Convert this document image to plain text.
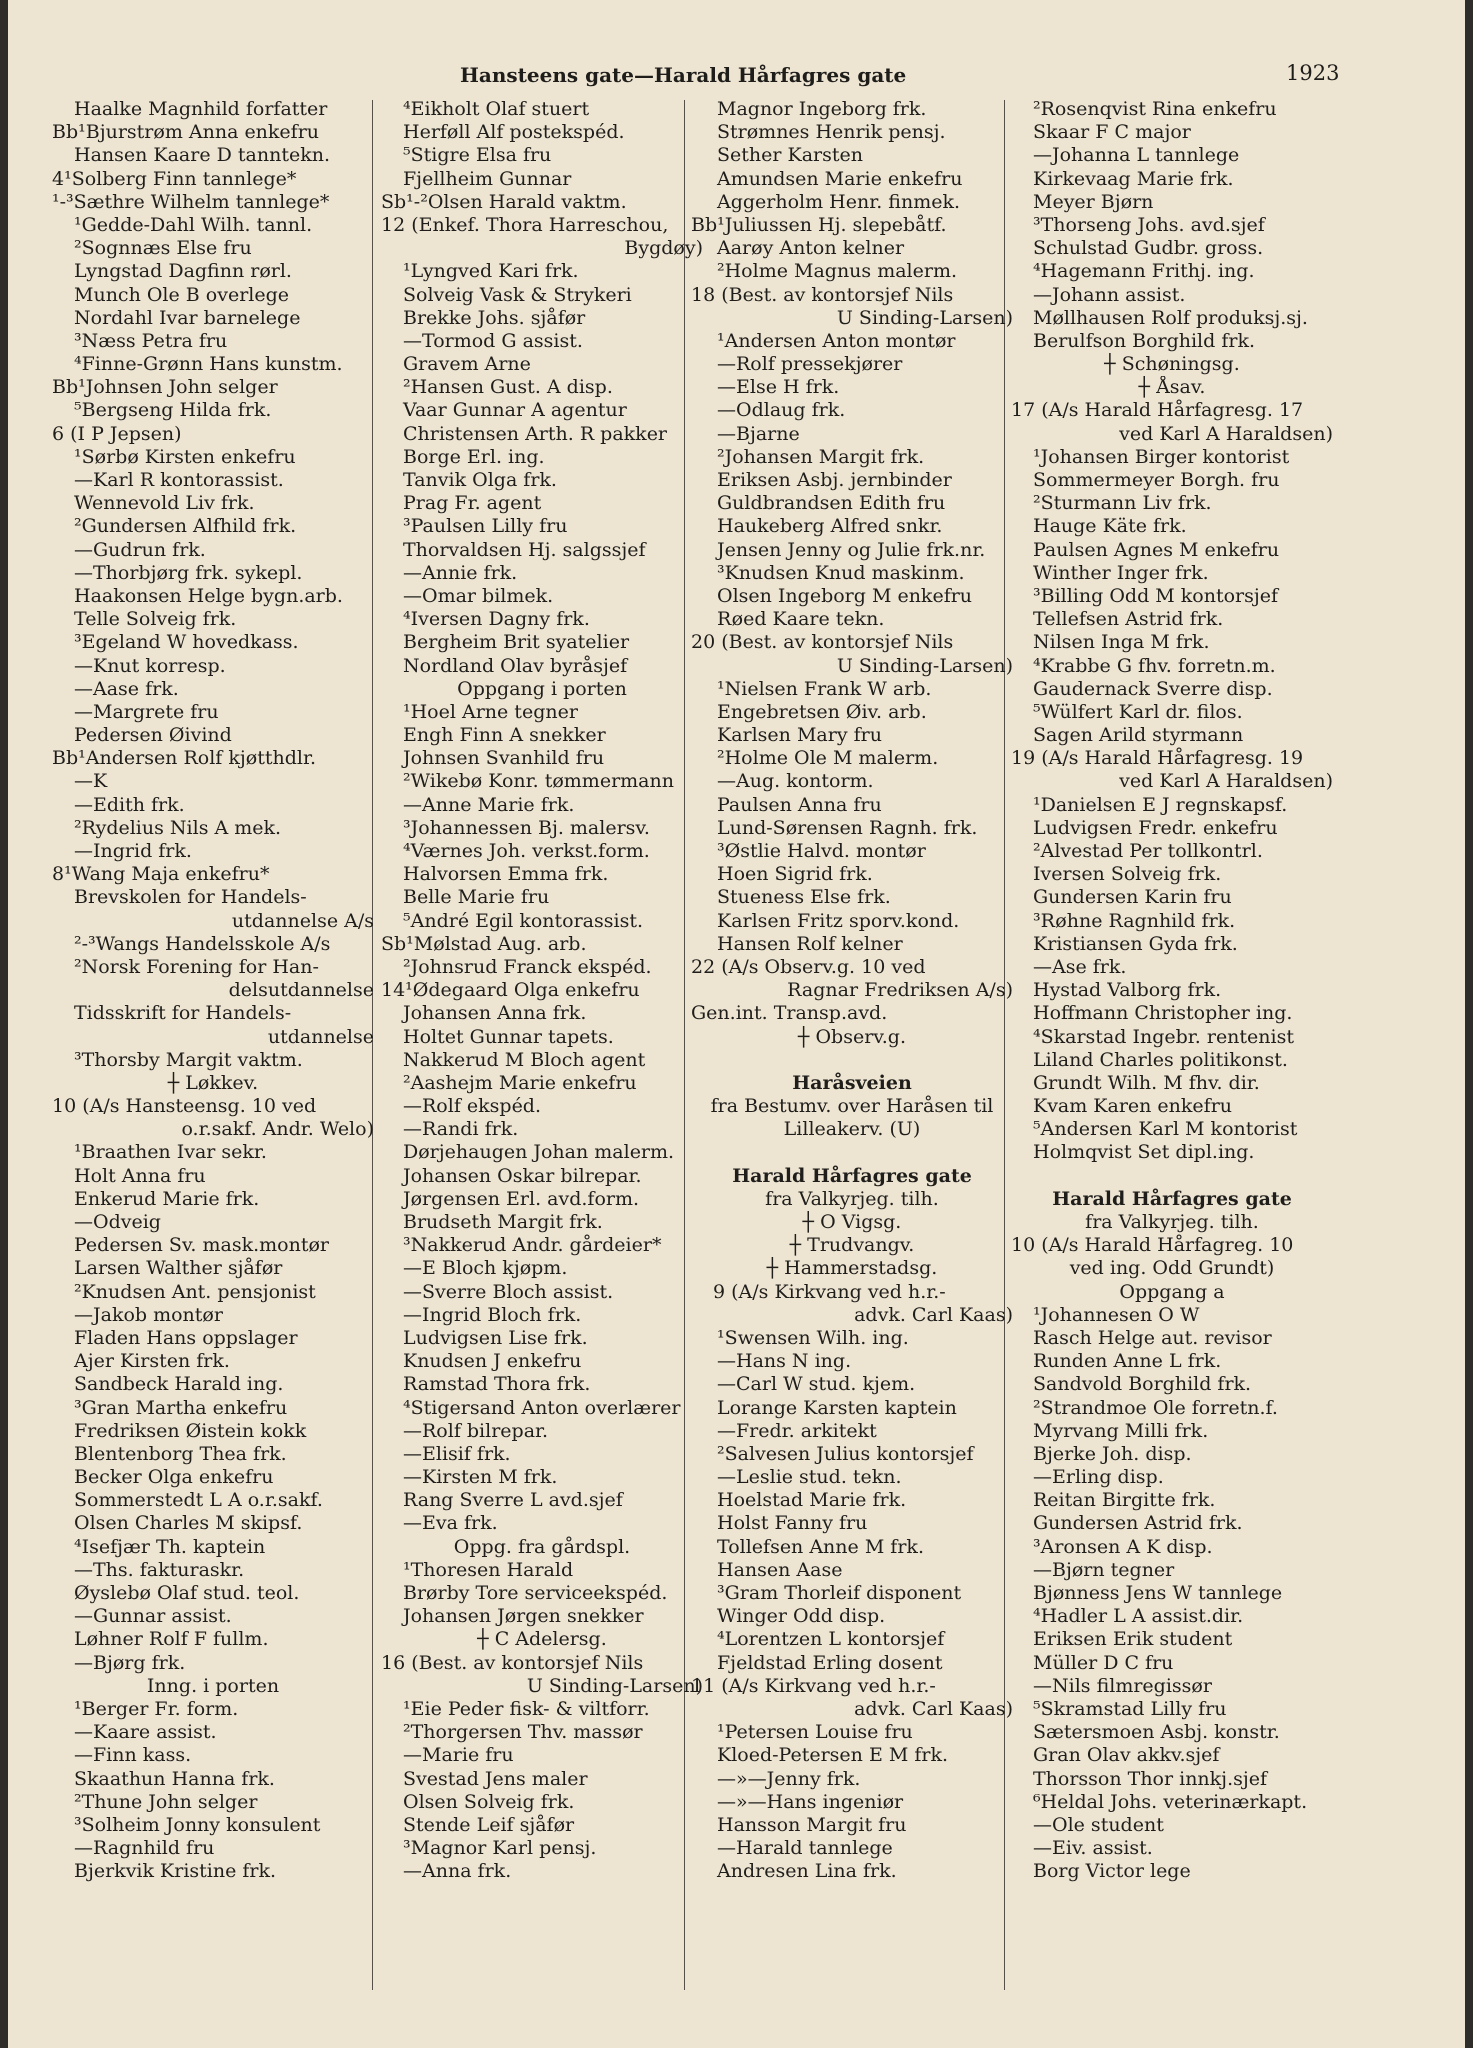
Hansteens gate—Harald Hårfagres gate	1923
Haalke Magnhild forfatter
Bb¹Bjurstrøm Anna enkefru
Hansen Kaare D tanntekn.
4¹Solberg Finn tannlege*
¹-³Sæthre Wilhelm tannlege*
¹Gedde-Dahl Wilh. tannl.
²Sognnæs Else fru
Lyngstad Dagfinn rørl.
Munch Ole B overlege
Nordahl Ivar barnelege
³Næss Petra fru
⁴Finne-Grønn Hans kunstm.
Bb¹Johnsen John selger
⁵Bergseng Hilda frk.
6 (I P Jepsen)
¹Sørbø Kirsten enkefru
—Karl R kontorassist.
Wennevold Liv frk.
²Gundersen Alfhild frk.
—Gudrun frk.
—Thorbjørg frk. sykepl.
Haakonsen Helge bygn.arb.
Telle Solveig frk.
³Egeland W hovedkass.
—Knut korresp.
—Aase frk.
—Margrete fru
Pedersen Øivind
Bb¹Andersen Rolf kjøtthdlr.
—K
—Edith frk.
²Rydelius Nils A mek.
—Ingrid frk.
8¹Wang Maja enkefru*
Brevskolen for Handels-
utdannelse A/s
²-³Wangs Handelsskole A/s
²Norsk Forening for Han-
delsutdannelse
Tidsskrift for Handels-
utdannelse
³Thorsby Margit vaktm.
┼ Løkkev.
10 (A/s Hansteensg. 10 ved
o.r.sakf. Andr. Welo)
¹Braathen Ivar sekr.
Holt Anna fru
Enkerud Marie frk.
—Odveig
Pedersen Sv. mask.montør
Larsen Walther sjåfør
²Knudsen Ant. pensjonist
—Jakob montør
Fladen Hans oppslager
Ajer Kirsten frk.
Sandbeck Harald ing.
³Gran Martha enkefru
Fredriksen Øistein kokk
Blentenborg Thea frk.
Becker Olga enkefru
Sommerstedt L A o.r.sakf.
Olsen Charles M skipsf.
⁴Isefjær Th. kaptein
—Ths. fakturaskr.
Øyslebø Olaf stud. teol.
—Gunnar assist.
Løhner Rolf F fullm.
—Bjørg frk.
Inng. i porten
¹Berger Fr. form.
—Kaare assist.
—Finn kass.
Skaathun Hanna frk.
²Thune John selger
³Solheim Jonny konsulent
—Ragnhild fru
Bjerkvik Kristine frk.
⁴Eikholt Olaf stuert
Herføll Alf postekspéd.
⁵Stigre Elsa fru
Fjellheim Gunnar
Sb¹-²Olsen Harald vaktm.
12 (Enkef. Thora Harreschou,
Bygdøy)
¹Lyngved Kari frk.
Solveig Vask & Strykeri
Brekke Johs. sjåfør
—Tormod G assist.
Gravem Arne
²Hansen Gust. A disp.
Vaar Gunnar A agentur
Christensen Arth. R pakker
Borge Erl. ing.
Tanvik Olga frk.
Prag Fr. agent
³Paulsen Lilly fru
Thorvaldsen Hj. salgssjef
—Annie frk.
—Omar bilmek.
⁴Iversen Dagny frk.
Bergheim Brit syatelier
Nordland Olav byråsjef
Oppgang i porten
¹Hoel Arne tegner
Engh Finn A snekker
Johnsen Svanhild fru
²Wikebø Konr. tømmermann
—Anne Marie frk.
³Johannessen Bj. malersv.
⁴Værnes Joh. verkst.form.
Halvorsen Emma frk.
Belle Marie fru
⁵André Egil kontorassist.
Sb¹Mølstad Aug. arb.
²Johnsrud Franck ekspéd.
14¹Ødegaard Olga enkefru
Johansen Anna frk.
Holtet Gunnar tapets.
Nakkerud M Bloch agent
²Aashejm Marie enkefru
—Rolf ekspéd.
—Randi frk.
Dørjehaugen Johan malerm.
Johansen Oskar bilrepar.
Jørgensen Erl. avd.form.
Brudseth Margit frk.
³Nakkerud Andr. gårdeier*
—E Bloch kjøpm.
—Sverre Bloch assist.
—Ingrid Bloch frk.
Ludvigsen Lise frk.
Knudsen J enkefru
Ramstad Thora frk.
⁴Stigersand Anton overlærer
—Rolf bilrepar.
—Elisif frk.
—Kirsten M frk.
Rang Sverre L avd.sjef
—Eva frk.
Oppg. fra gårdspl.
¹Thoresen Harald
Brørby Tore serviceekspéd.
Johansen Jørgen snekker
┼ C Adelersg.
16 (Best. av kontorsjef Nils
U Sinding-Larsen)
¹Eie Peder fisk- & viltforr.
²Thorgersen Thv. massør
—Marie fru
Svestad Jens maler
Olsen Solveig frk.
Stende Leif sjåfør
³Magnor Karl pensj.
—Anna frk.
Magnor Ingeborg frk.
Strømnes Henrik pensj.
Sether Karsten
Amundsen Marie enkefru
Aggerholm Henr. finmek.
Bb¹Juliussen Hj. slepebåtf.
Aarøy Anton kelner
²Holme Magnus malerm.
18 (Best. av kontorsjef Nils
U Sinding-Larsen)
¹Andersen Anton montør
—Rolf pressekjører
—Else H frk.
—Odlaug frk.
—Bjarne
²Johansen Margit frk.
Eriksen Asbj. jernbinder
Guldbrandsen Edith fru
Haukeberg Alfred snkr.
Jensen Jenny og Julie frk.nr.
³Knudsen Knud maskinm.
Olsen Ingeborg M enkefru
Røed Kaare tekn.
20 (Best. av kontorsjef Nils
U Sinding-Larsen)
¹Nielsen Frank W arb.
Engebretsen Øiv. arb.
Karlsen Mary fru
²Holme Ole M malerm.
—Aug. kontorm.
Paulsen Anna fru
Lund-Sørensen Ragnh. frk.
³Østlie Halvd. montør
Hoen Sigrid frk.
Stueness Else frk.
Karlsen Fritz sporv.kond.
Hansen Rolf kelner
22 (A/s Observ.g. 10 ved
Ragnar Fredriksen A/s)
Gen.int. Transp.avd.
┼ Observ.g.

Haråsveien
fra Bestumv. over Haråsen til
Lilleakerv. (U)

Harald Hårfagres gate
fra Valkyrjeg. tilh.
┼ O Vigsg.
┼ Trudvangv.
┼ Hammerstadsg.
9 (A/s Kirkvang ved h.r.-
advk. Carl Kaas)
¹Swensen Wilh. ing.
—Hans N ing.
—Carl W stud. kjem.
Lorange Karsten kaptein
—Fredr. arkitekt
²Salvesen Julius kontorsjef
—Leslie stud. tekn.
Hoelstad Marie frk.
Holst Fanny fru
Tollefsen Anne M frk.
Hansen Aase
³Gram Thorleif disponent
Winger Odd disp.
⁴Lorentzen L kontorsjef
Fjeldstad Erling dosent
11 (A/s Kirkvang ved h.r.-
advk. Carl Kaas)
¹Petersen Louise fru
Kloed-Petersen E M frk.
—»—Jenny frk.
—»—Hans ingeniør
Hansson Margit fru
—Harald tannlege
Andresen Lina frk.
²Rosenqvist Rina enkefru
Skaar F C major
—Johanna L tannlege
Kirkevaag Marie frk.
Meyer Bjørn
³Thorseng Johs. avd.sjef
Schulstad Gudbr. gross.
⁴Hagemann Frithj. ing.
—Johann assist.
Møllhausen Rolf produksj.sj.
Berulfson Borghild frk.
┼ Schøningsg.
┼ Åsav.
17 (A/s Harald Hårfagresg. 17
ved Karl A Haraldsen)
¹Johansen Birger kontorist
Sommermeyer Borgh. fru
²Sturmann Liv frk.
Hauge Käte frk.
Paulsen Agnes M enkefru
Winther Inger frk.
³Billing Odd M kontorsjef
Tellefsen Astrid frk.
Nilsen Inga M frk.
⁴Krabbe G fhv. forretn.m.
Gaudernack Sverre disp.
⁵Wülfert Karl dr. filos.
Sagen Arild styrmann
19 (A/s Harald Hårfagresg. 19
ved Karl A Haraldsen)
¹Danielsen E J regnskapsf.
Ludvigsen Fredr. enkefru
²Alvestad Per tollkontrl.
Iversen Solveig frk.
Gundersen Karin fru
³Røhne Ragnhild frk.
Kristiansen Gyda frk.
—Ase frk.
Hystad Valborg frk.
Hoffmann Christopher ing.
⁴Skarstad Ingebr. rentenist
Liland Charles politikonst.
Grundt Wilh. M fhv. dir.
Kvam Karen enkefru
⁵Andersen Karl M kontorist
Holmqvist Set dipl.ing.

Harald Hårfagres gate
fra Valkyrjeg. tilh.
10 (A/s Harald Hårfagreg. 10
ved ing. Odd Grundt)
Oppgang a
¹Johannesen O W
Rasch Helge aut. revisor
Runden Anne L frk.
Sandvold Borghild frk.
²Strandmoe Ole forretn.f.
Myrvang Milli frk.
Bjerke Joh. disp.
—Erling disp.
Reitan Birgitte frk.
Gundersen Astrid frk.
³Aronsen A K disp.
—Bjørn tegner
Bjønness Jens W tannlege
⁴Hadler L A assist.dir.
Eriksen Erik student
Müller D C fru
—Nils filmregissør
⁵Skramstad Lilly fru
Sætersmoen Asbj. konstr.
Gran Olav akkv.sjef
Thorsson Thor innkj.sjef
⁶Heldal Johs. veterinærkapt.
—Ole student
—Eiv. assist.
Borg Victor lege
